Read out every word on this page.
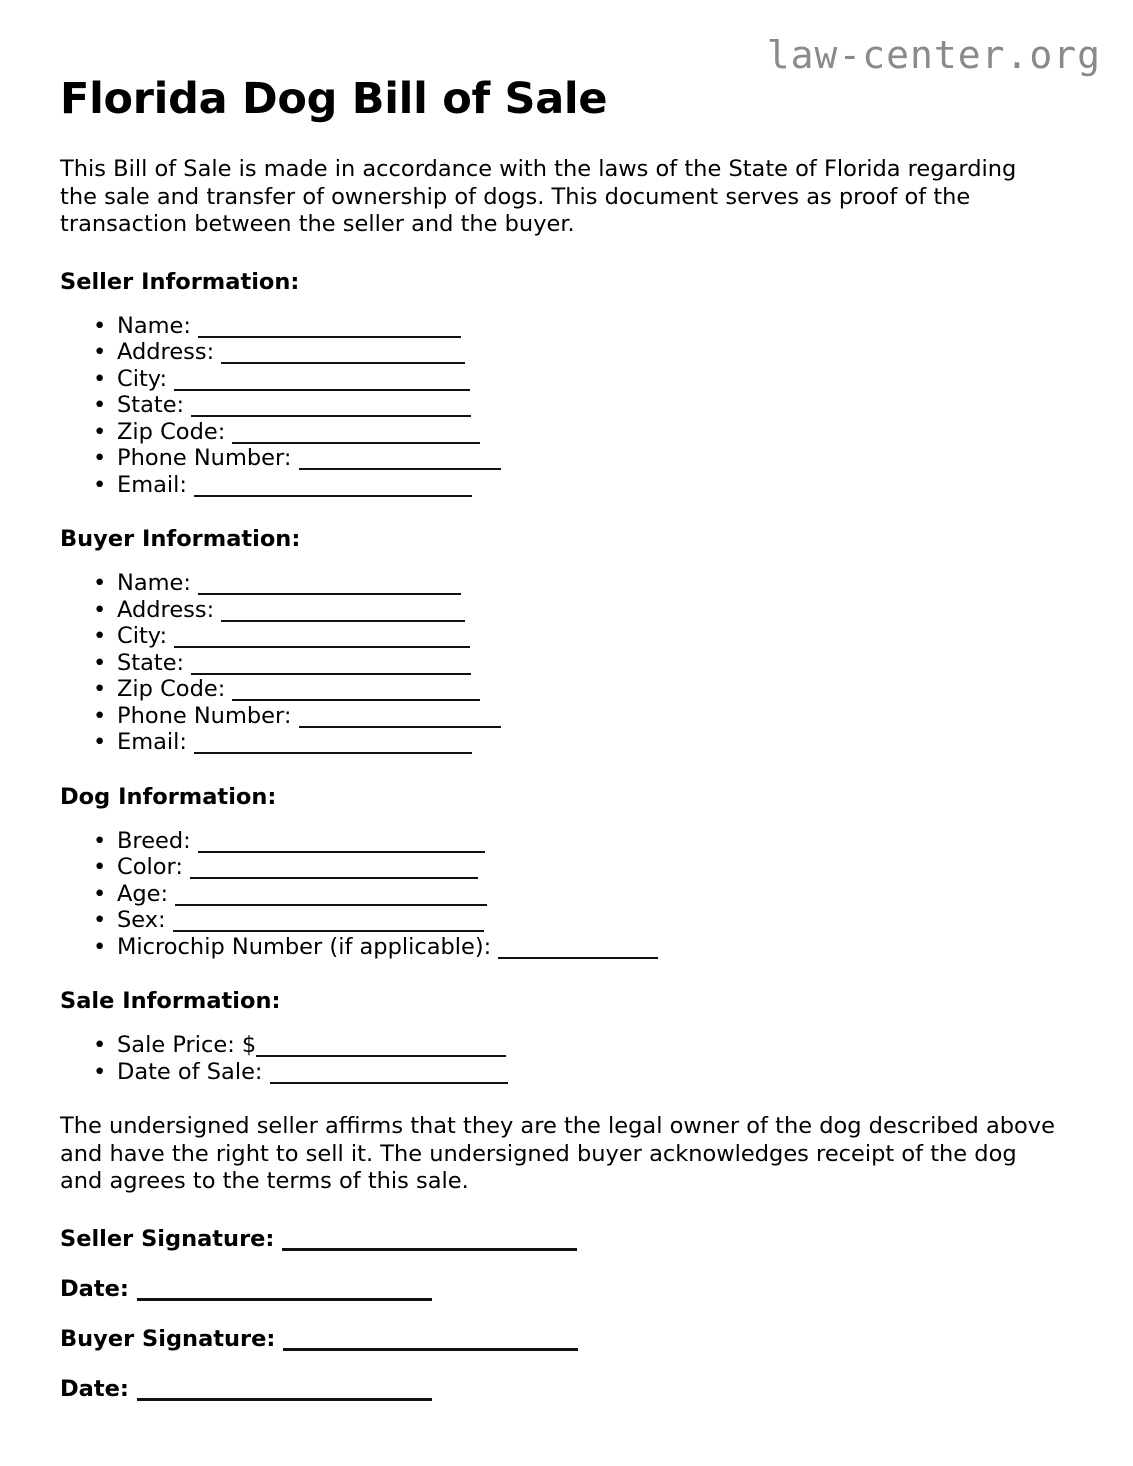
law-center.org
Florida Dog Bill of Sale

This Bill of Sale is made in accordance with the laws of the State of Florida regarding the sale and transfer of ownership of dogs. This document serves as proof of the transaction between the seller and the buyer.

Seller Information:
• Name:
• Address:
• City:
• State:
• Zip Code:
• Phone Number:
• Email:
Buyer Information:
• Name:
• Address:
• City:
• State:
• Zip Code:
• Phone Number:
• Email:
Dog Information:
• Breed:
• Color:
• Age:
• Sex:
• Microchip Number (if applicable):
Sale Information:
• Sale Price: $
• Date of Sale:

The undersigned seller affirms that they are the legal owner of the dog described above and have the right to sell it. The undersigned buyer acknowledges receipt of the dog and agrees to the terms of this sale.

Seller Signature:
Date:
Buyer Signature:
Date:
